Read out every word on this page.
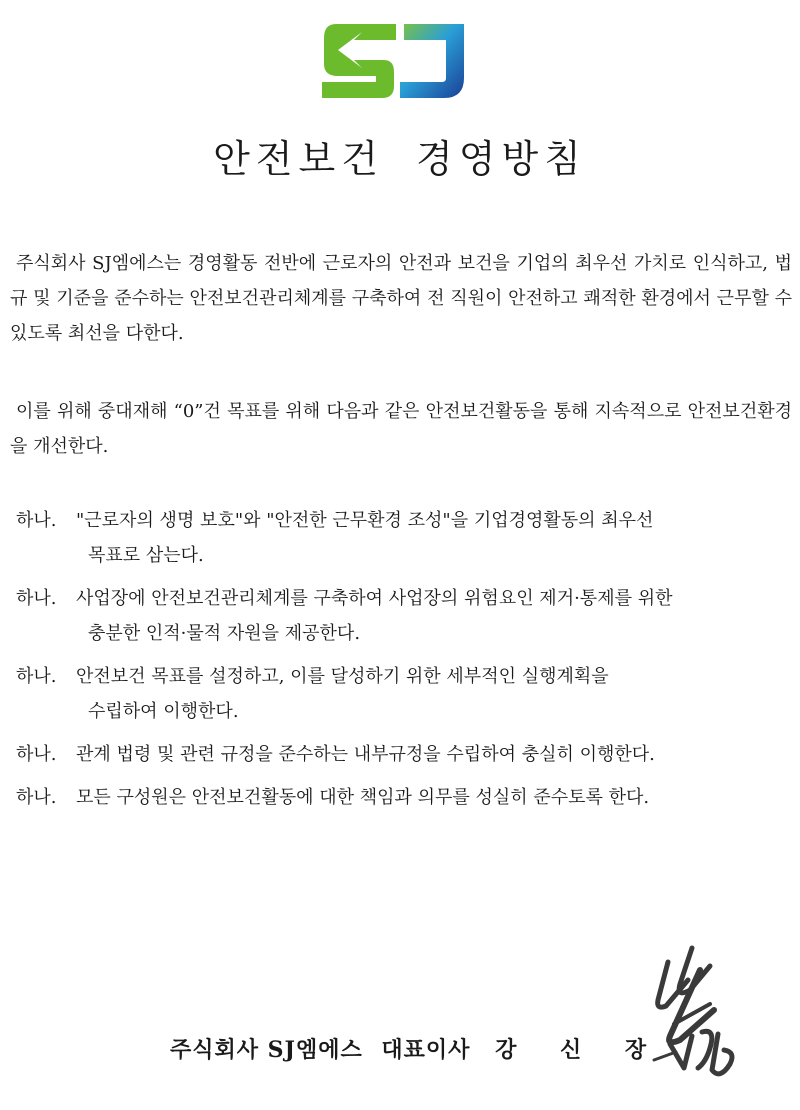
안전보건 경영방침
주식회사 SJ엠에스는 경영활동 전반에 근로자의 안전과 보건을 기업의 최우선 가치로 인식하고, 법규 및 기준을 준수하는 안전보건관리체계를 구축하여 전 직원이 안전하고 쾌적한 환경에서 근무할 수 있도록 최선을 다한다.
이를 위해 중대재해 “0”건 목표를 위해 다음과 같은 안전보건활동을 통해 지속적으로 안전보건환경을 개선한다.
하나.	"근로자의 생명 보호"와 "안전한 근무환경 조성"을 기업경영활동의 최우선
목표로 삼는다.
하나.	사업장에 안전보건관리체계를 구축하여 사업장의 위험요인 제거·통제를 위한
충분한 인적·물적 자원을 제공한다.
하나.	안전보건 목표를 설정하고, 이를 달성하기 위한 세부적인 실행계획을
수립하여 이행한다.
하나.	관계 법령 및 관련 규정을 준수하는 내부규정을 수립하여 충실히 이행한다.
하나.	모든 구성원은 안전보건활동에 대한 책임과 의무를 성실히 준수토록 한다.
주식회사 SJ엠에스 대표이사 강 신 장
